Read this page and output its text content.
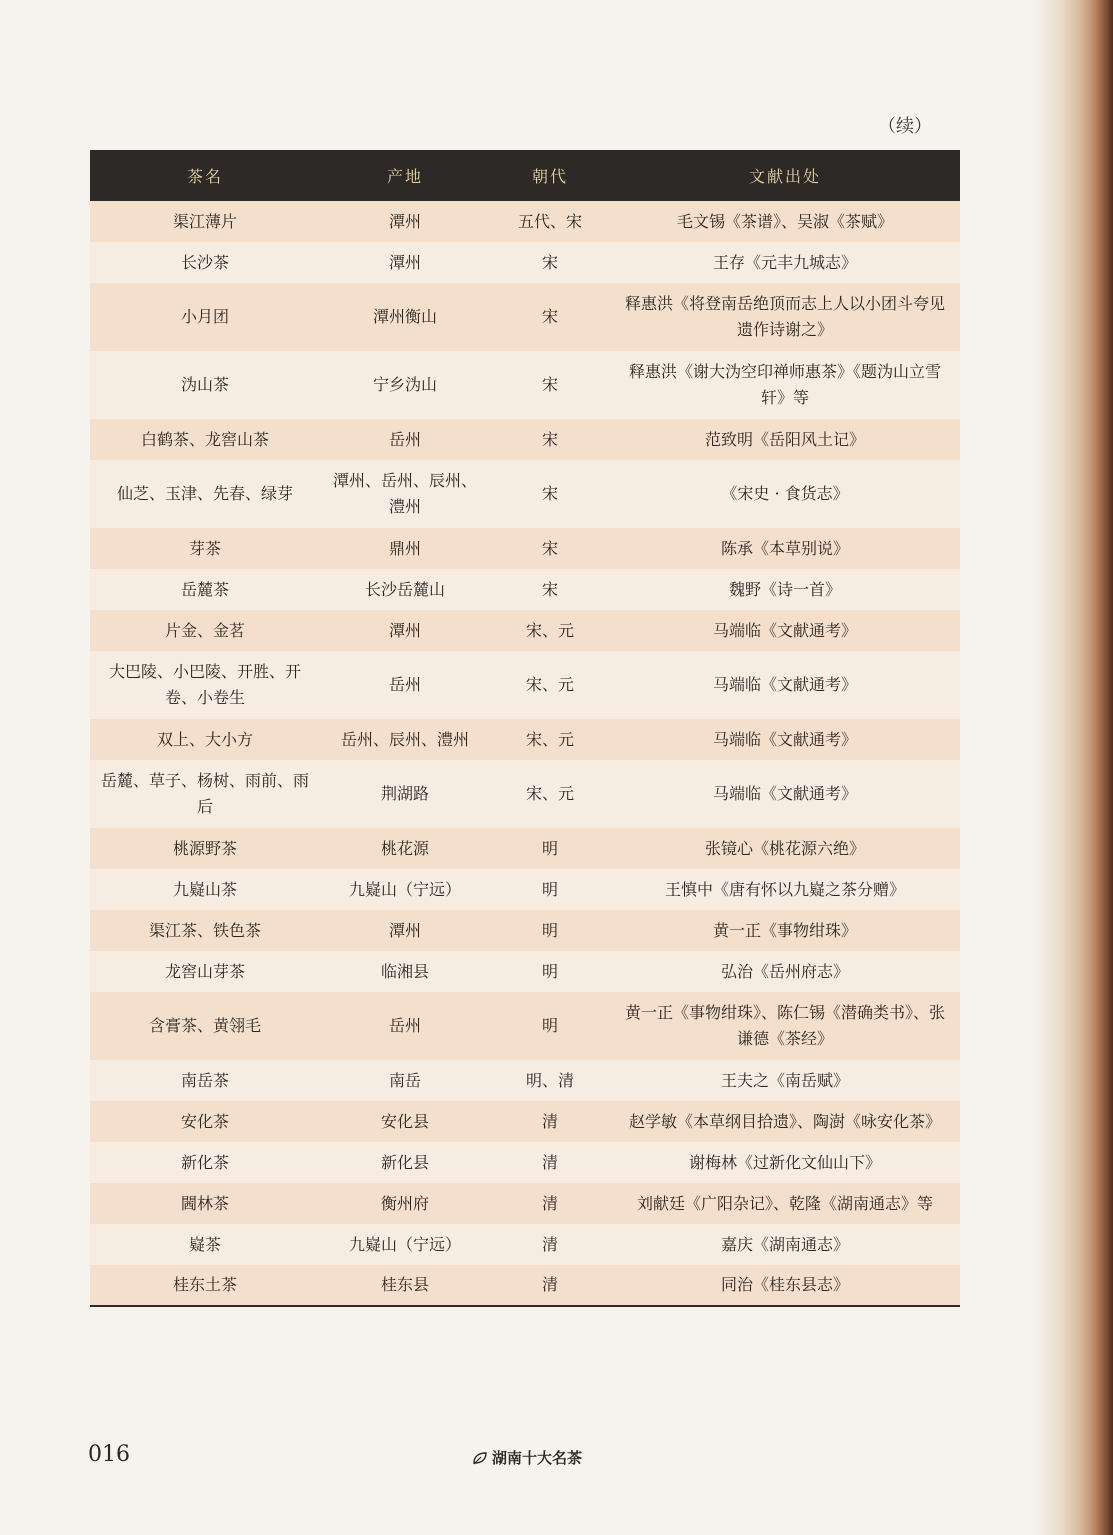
（续）
茶名	产地	朝代	文献出处
渠江薄片	潭州	五代、宋	毛文锡《茶谱》、吴淑《茶赋》
长沙茶	潭州	宋	王存《元丰九城志》
小月团	潭州衡山	宋	释惠洪《将登南岳绝顶而志上人以小团斗夸见遗作诗谢之》
沩山茶	宁乡沩山	宋	释惠洪《谢大沩空印禅师惠茶》《题沩山立雪轩》等
白鹤茶、龙窖山茶	岳州	宋	范致明《岳阳风土记》
仙芝、玉津、先春、绿芽	潭州、岳州、辰州、澧州	宋	《宋史 · 食货志》
芽茶	鼎州	宋	陈承《本草别说》
岳麓茶	长沙岳麓山	宋	魏野《诗一首》
片金、金茗	潭州	宋、元	马端临《文献通考》
大巴陵、小巴陵、开胜、开卷、小卷生	岳州	宋、元	马端临《文献通考》
双上、大小方	岳州、辰州、澧州	宋、元	马端临《文献通考》
岳麓、草子、杨树、雨前、雨后	荆湖路	宋、元	马端临《文献通考》
桃源野茶	桃花源	明	张镜心《桃花源六绝》
九嶷山茶	九嶷山（宁远）	明	王慎中《唐有怀以九嶷之茶分赠》
渠江茶、铁色茶	潭州	明	黄一正《事物绀珠》
龙窖山芽茶	临湘县	明	弘治《岳州府志》
含膏茶、黄翎毛	岳州	明	黄一正《事物绀珠》、陈仁锡《潜确类书》、张谦德《茶经》
南岳茶	南岳	明、清	王夫之《南岳赋》
安化茶	安化县	清	赵学敏《本草纲目拾遗》、陶澍《咏安化茶》
新化茶	新化县	清	谢梅林《过新化文仙山下》
閪林茶	衡州府	清	刘献廷《广阳杂记》、乾隆《湖南通志》等
嶷茶	九嶷山（宁远）	清	嘉庆《湖南通志》
桂东土茶	桂东县	清	同治《桂东县志》
016	湖南十大名茶
